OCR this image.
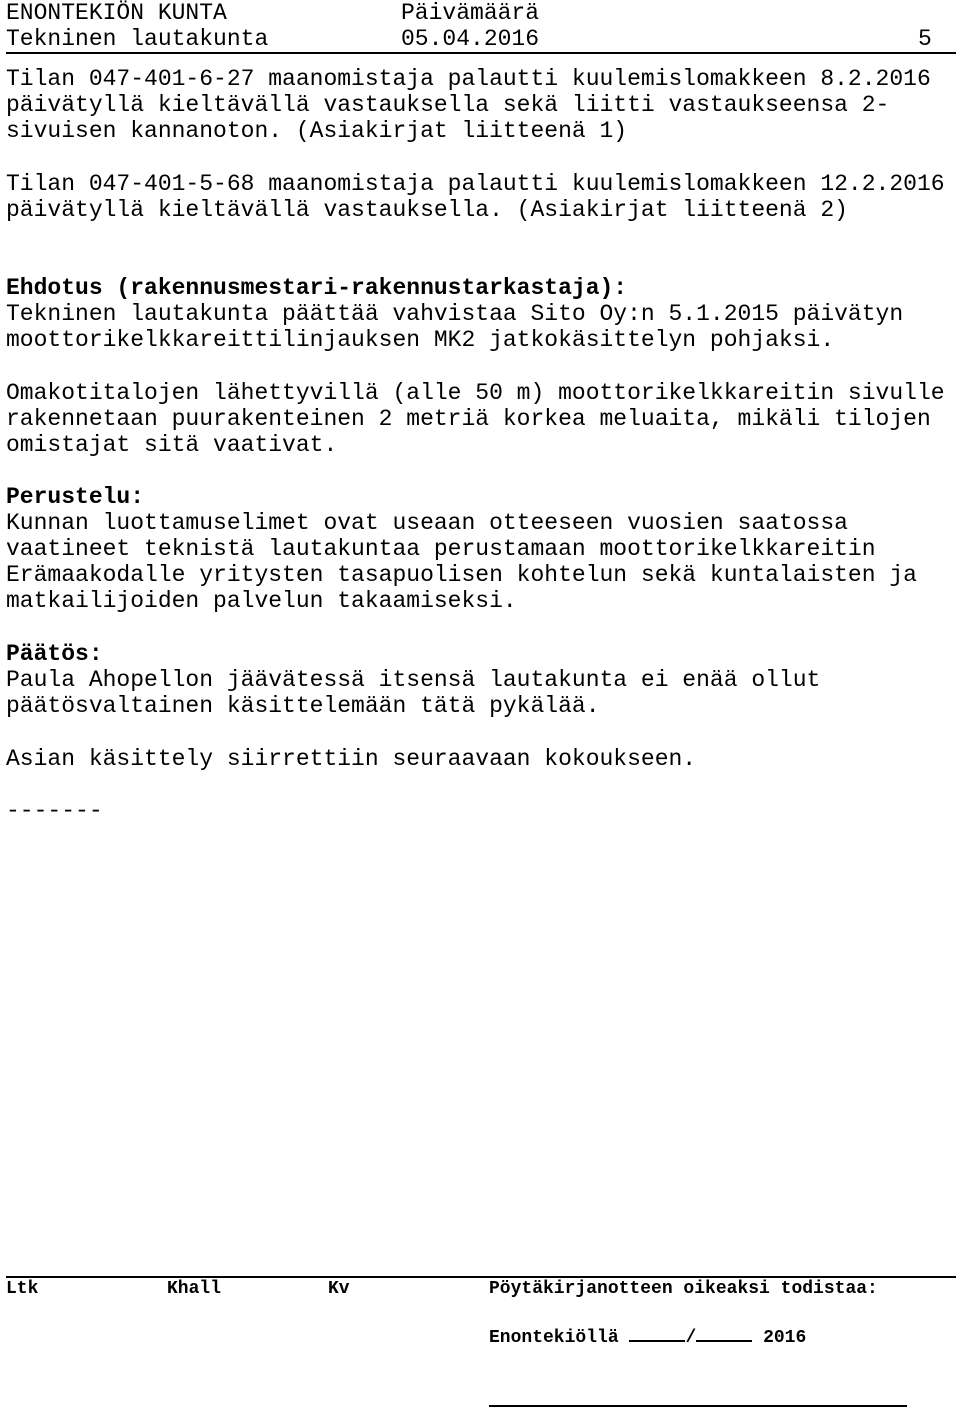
ENONTEKIÖN KUNTA	Päivämäärä
Tekninen lautakunta	05.04.2016	5
Tilan 047-401-6-27 maanomistaja palautti kuulemislomakkeen 8.2.2016
päivätyllä kieltävällä vastauksella sekä liitti vastaukseensa 2-
sivuisen kannanoton. (Asiakirjat liitteenä 1)
Tilan 047-401-5-68 maanomistaja palautti kuulemislomakkeen 12.2.2016
päivätyllä kieltävällä vastauksella. (Asiakirjat liitteenä 2)
Ehdotus (rakennusmestari-rakennustarkastaja):
Tekninen lautakunta päättää vahvistaa Sito Oy:n 5.1.2015 päivätyn
moottorikelkkareittilinjauksen MK2 jatkokäsittelyn pohjaksi.
Omakotitalojen lähettyvillä (alle 50 m) moottorikelkkareitin sivulle
rakennetaan puurakenteinen 2 metriä korkea meluaita, mikäli tilojen
omistajat sitä vaativat.
Perustelu:
Kunnan luottamuselimet ovat useaan otteeseen vuosien saatossa
vaatineet teknistä lautakuntaa perustamaan moottorikelkkareitin
Erämaakodalle yritysten tasapuolisen kohtelun sekä kuntalaisten ja
matkailijoiden palvelun takaamiseksi.
Päätös:
Paula Ahopellon jäävätessä itsensä lautakunta ei enää ollut
päätösvaltainen käsittelemään tätä pykälää.
Asian käsittely siirrettiin seuraavaan kokoukseen.
-------
Ltk	Khall	Kv	Pöytäkirjanotteen oikeaksi todistaa:
Enontekiöllä	/	2016
